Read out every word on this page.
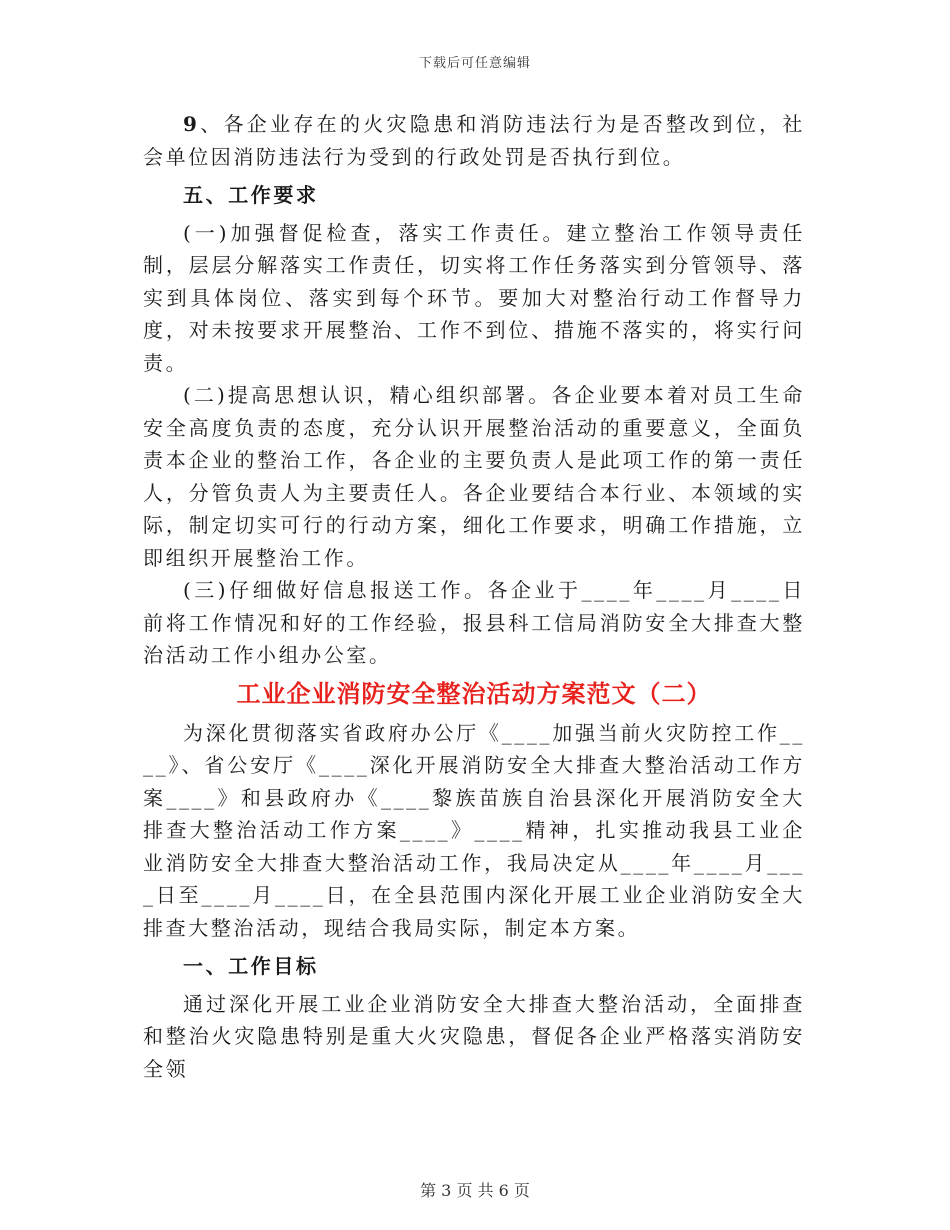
下载后可任意编辑

9、各企业存在的火灾隐患和消防违法行为是否整改到位，社会单位因消防违法行为受到的行政处罚是否执行到位。

五、工作要求

(一)加强督促检查，落实工作责任。建立整治工作领导责任制，层层分解落实工作责任，切实将工作任务落实到分管领导、落实到具体岗位、落实到每个环节。要加大对整治行动工作督导力度，对未按要求开展整治、工作不到位、措施不落实的，将实行问责。

(二)提高思想认识，精心组织部署。各企业要本着对员工生命安全高度负责的态度，充分认识开展整治活动的重要意义，全面负责本企业的整治工作，各企业的主要负责人是此项工作的第一责任人，分管负责人为主要责任人。各企业要结合本行业、本领域的实际，制定切实可行的行动方案，细化工作要求，明确工作措施，立即组织开展整治工作。

(三)仔细做好信息报送工作。各企业于____年____月____日前将工作情况和好的工作经验，报县科工信局消防安全大排查大整治活动工作小组办公室。

工业企业消防安全整治活动方案范文（二）

为深化贯彻落实省政府办公厅《____加强当前火灾防控工作____》、省公安厅《____深化开展消防安全大排查大整治活动工作方案____》和县政府办《____黎族苗族自治县深化开展消防安全大排查大整治活动工作方案____》____精神，扎实推动我县工业企业消防安全大排查大整治活动工作，我局决定从____年____月____日至____月____日，在全县范围内深化开展工业企业消防安全大排查大整治活动，现结合我局实际，制定本方案。

一、工作目标

通过深化开展工业企业消防安全大排查大整治活动，全面排查和整治火灾隐患特别是重大火灾隐患，督促各企业严格落实消防安全领

第 3 页 共 6 页
